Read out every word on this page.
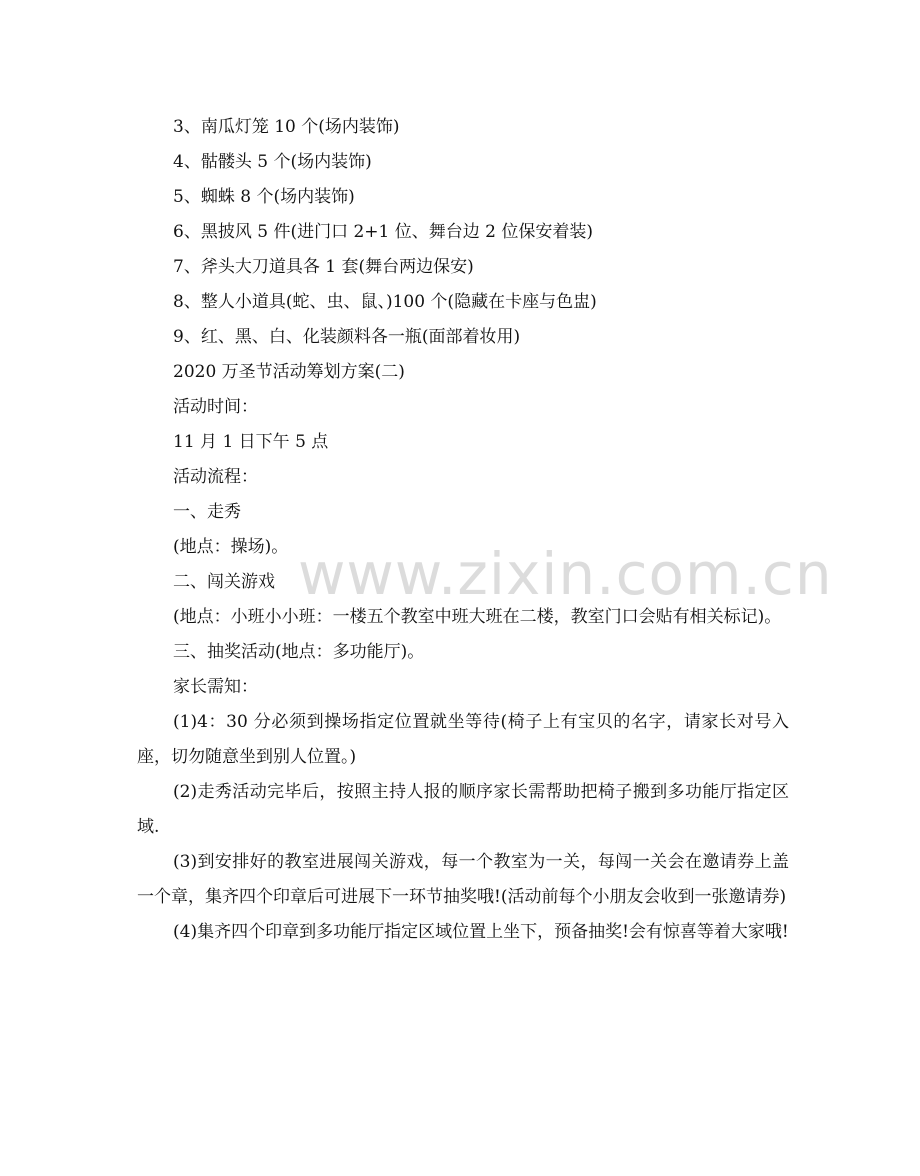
3、南瓜灯笼 10 个(场内装饰)
4、骷髅头 5 个(场内装饰)
5、蜘蛛 8 个(场内装饰)
6、黑披风 5 件(进门口 2+1 位、舞台边 2 位保安着装)
7、斧头大刀道具各 1 套(舞台两边保安)
8、整人小道具(蛇、虫、鼠、)100 个(隐藏在卡座与色盅)
9、红、黑、白、化装颜料各一瓶(面部着妆用)
2020 万圣节活动筹划方案(二)
活动时间：
11 月 1 日下午 5 点
活动流程：
一、走秀
(地点：操场)。
二、闯关游戏
(地点：小班小小班：一楼五个教室中班大班在二楼，教室门口会贴有相关标记)。
三、抽奖活动(地点：多功能厅)。
家长需知：
(1)4：30 分必须到操场指定位置就坐等待(椅子上有宝贝的名字，请家长对号入座，切勿随意坐到别人位置。)
(2)走秀活动完毕后，按照主持人报的顺序家长需帮助把椅子搬到多功能厅指定区域.
(3)到安排好的教室进展闯关游戏，每一个教室为一关，每闯一关会在邀请券上盖一个章，集齐四个印章后可进展下一环节抽奖哦!(活动前每个小朋友会收到一张邀请券)
(4)集齐四个印章到多功能厅指定区域位置上坐下，预备抽奖!会有惊喜等着大家哦!
www.zixin.com.cn
